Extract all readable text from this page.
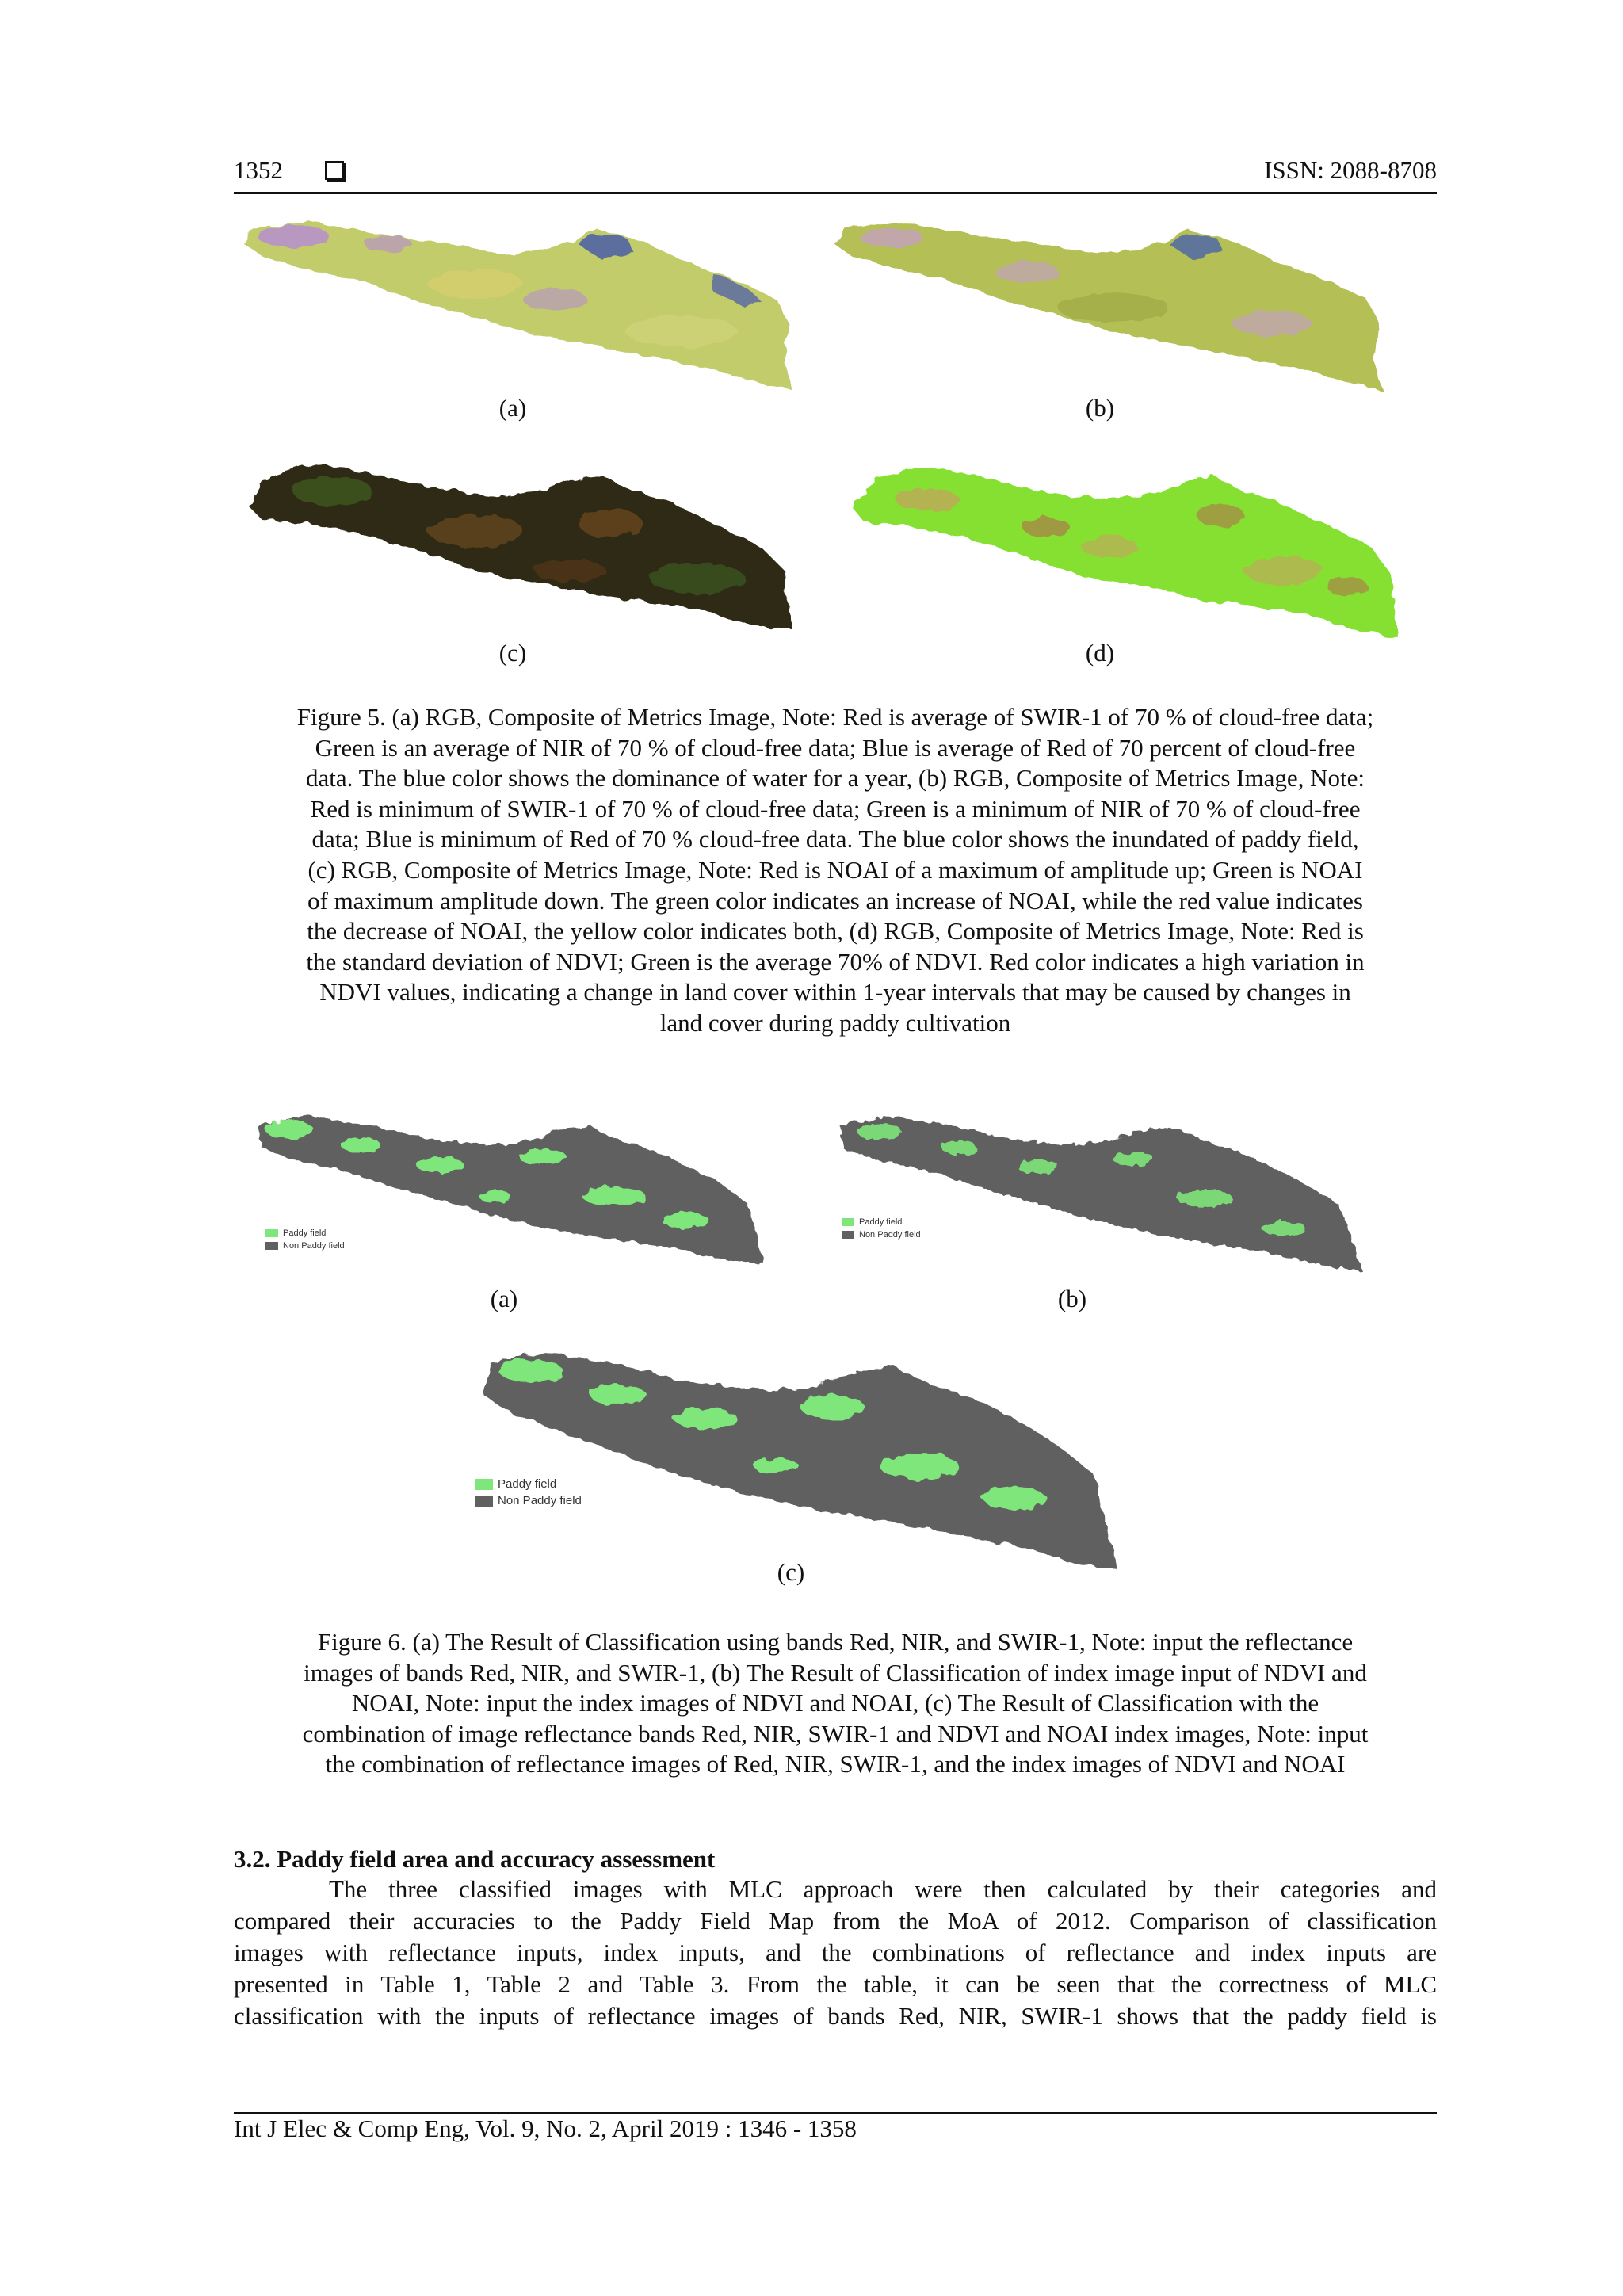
1352	ISSN: 2088-8708
(a)	(b)
(c)	(d)
Figure 5. (a) RGB, Composite of Metrics Image, Note: Red is average of SWIR-1 of 70 % of cloud-free data;
Green is an average of NIR of 70 % of cloud-free data; Blue is average of Red of 70 percent of cloud-free
data. The blue color shows the dominance of water for a year, (b) RGB, Composite of Metrics Image, Note:
Red is minimum of SWIR-1 of 70 % of cloud-free data; Green is a minimum of NIR of 70 % of cloud-free
data; Blue is minimum of Red of 70 % cloud-free data. The blue color shows the inundated of paddy field,
(c) RGB, Composite of Metrics Image, Note: Red is NOAI of a maximum of amplitude up; Green is NOAI
of maximum amplitude down. The green color indicates an increase of NOAI, while the red value indicates
the decrease of NOAI, the yellow color indicates both, (d) RGB, Composite of Metrics Image, Note: Red is
the standard deviation of NDVI; Green is the average 70% of NDVI. Red color indicates a high variation in
NDVI values, indicating a change in land cover within 1-year intervals that may be caused by changes in
land cover during paddy cultivation
Paddy field
Non Paddy field
Paddy field
Non Paddy field
(a)	(b)
Paddy field
Non Paddy field
(c)
Figure 6. (a) The Result of Classification using bands Red, NIR, and SWIR-1, Note: input the reflectance
images of bands Red, NIR, and SWIR-1, (b) The Result of Classification of index image input of NDVI and
NOAI, Note: input the index images of NDVI and NOAI, (c) The Result of Classification with the
combination of image reflectance bands Red, NIR, SWIR-1 and NDVI and NOAI index images, Note: input
the combination of reflectance images of Red, NIR, SWIR-1, and the index images of NDVI and NOAI
3.2. Paddy field area and accuracy assessment
The three classified images with MLC approach were then calculated by their categories and
compared their accuracies to the Paddy Field Map from the MoA of 2012. Comparison of classification
images with reflectance inputs, index inputs, and the combinations of reflectance and index inputs are
presented in Table 1, Table 2 and Table 3. From the table, it can be seen that the correctness of MLC
classification with the inputs of reflectance images of bands Red, NIR, SWIR-1 shows that the paddy field is
Int J Elec & Comp Eng, Vol. 9, No. 2, April 2019 : 1346 - 1358
